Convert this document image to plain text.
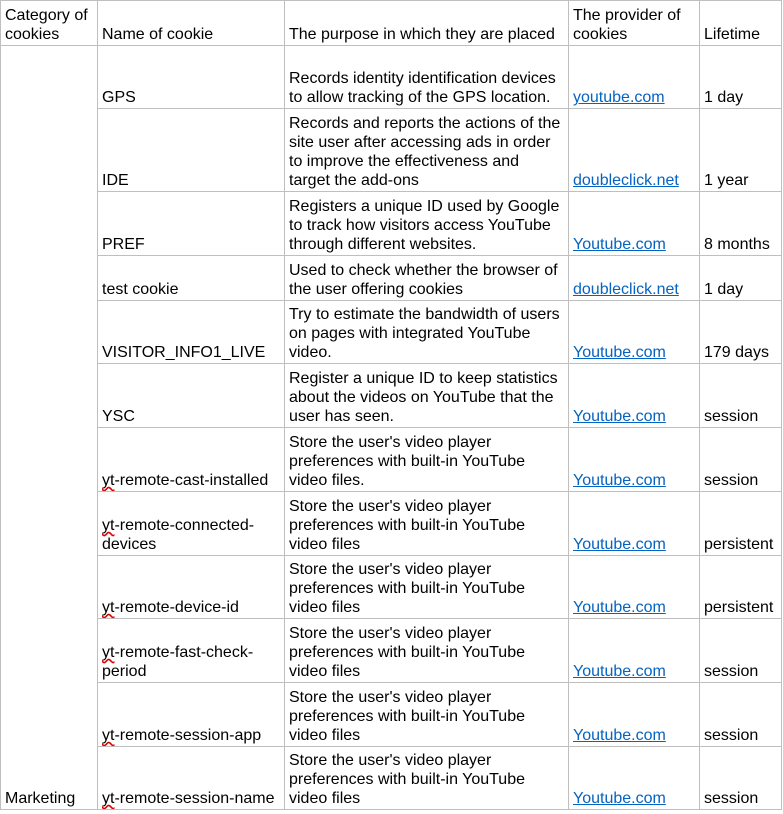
Category of cookies	Name of cookie	The purpose in which they are placed	The provider of cookies	Lifetime
Marketing	GPS	Records identity identification devices to allow tracking of the GPS location.	youtube.com	1 day
	IDE	Records and reports the actions of the site user after accessing ads in order to improve the effectiveness and target the add-ons	doubleclick.net	1 year
	PREF	Registers a unique ID used by Google to track how visitors access YouTube through different websites.	Youtube.com	8 months
	test cookie	Used to check whether the browser of the user offering cookies	doubleclick.net	1 day
	VISITOR_INFO1_LIVE	Try to estimate the bandwidth of users on pages with integrated YouTube video.	Youtube.com	179 days
	YSC	Register a unique ID to keep statistics about the videos on YouTube that the user has seen.	Youtube.com	session
	yt-remote-cast-installed	Store the user's video player preferences with built-in YouTube video files.	Youtube.com	session
	yt-remote-connected-devices	Store the user's video player preferences with built-in YouTube video files	Youtube.com	persistent
	yt-remote-device-id	Store the user's video player preferences with built-in YouTube video files	Youtube.com	persistent
	yt-remote-fast-check-period	Store the user's video player preferences with built-in YouTube video files	Youtube.com	session
	yt-remote-session-app	Store the user's video player preferences with built-in YouTube video files	Youtube.com	session
	yt-remote-session-name	Store the user's video player preferences with built-in YouTube video files	Youtube.com	session
